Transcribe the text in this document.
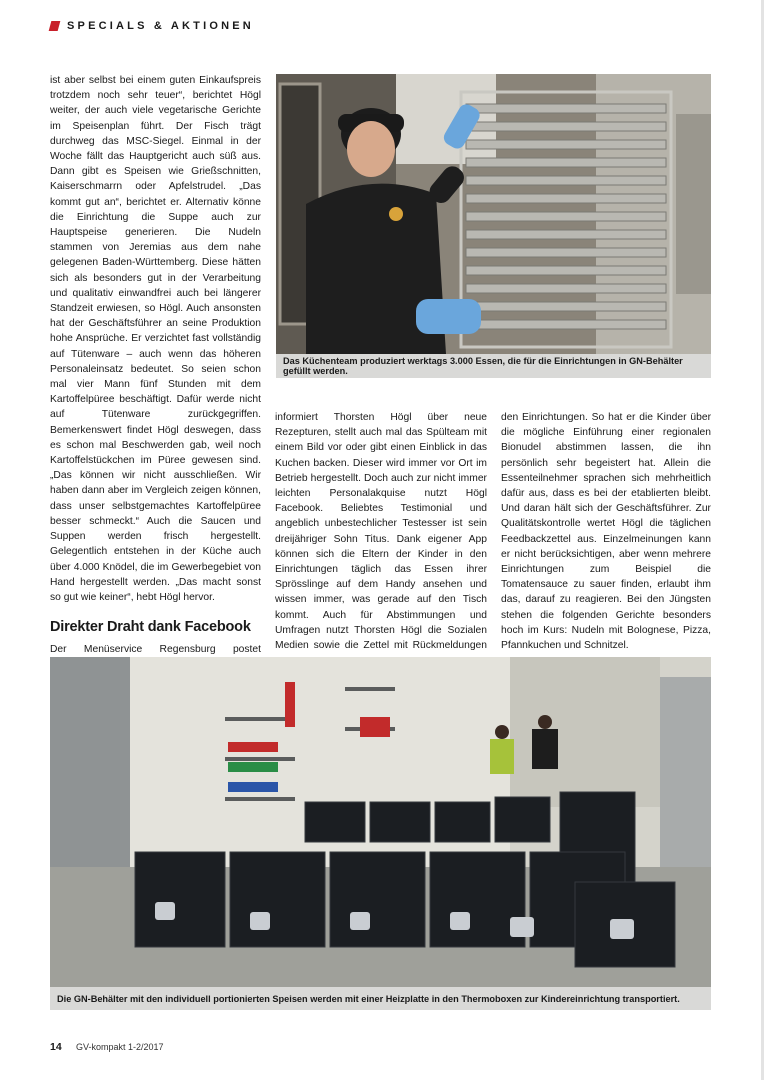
SPECIALS & AKTIONEN

ist aber selbst bei einem guten Einkaufspreis trotzdem noch sehr teuer“, berichtet Högl weiter, der auch viele vegetarische Gerichte im Speisenplan führt. Der Fisch trägt durchweg das MSC-Siegel. Einmal in der Woche fällt das Hauptgericht auch süß aus. Dann gibt es Speisen wie Grießschnitten, Kaiserschmarrn oder Apfelstrudel. „Das kommt gut an“, berichtet er. Alternativ könne die Einrichtung die Suppe auch zur Hauptspeise generieren. Die Nudeln stammen von Jeremias aus dem nahe gelegenen Baden-Württemberg. Diese hätten sich als besonders gut in der Verarbeitung und qualitativ einwandfrei auch bei längerer Standzeit erwiesen, so Högl. Auch ansonsten hat der Geschäftsführer an seine Produktion hohe Ansprüche. Er verzichtet fast vollständig auf Tütenware – auch wenn das höheren Personaleinsatz bedeutet. So seien schon mal vier Mann fünf Stunden mit dem Kartoffelpüree beschäftigt. Dafür werde nicht auf Tütenware zurückgegriffen. Bemerkenswert findet Högl deswegen, dass es schon mal Beschwerden gab, weil noch Kartoffelstückchen im Püree gewesen sind. „Das können wir nicht ausschließen. Wir haben dann aber im Vergleich zeigen können, dass unser selbstgemachtes Kartoffelpüree besser schmeckt.“ Auch die Saucen und Suppen werden frisch hergestellt. Gelegentlich entstehen in der Küche auch über 4.000 Knödel, die im Gewerbegebiet von Hand hergestellt werden. „Das macht sonst so gut wie keiner“, hebt Högl hervor.

Direkter Draht dank Facebook

Der Menüservice Regensburg postet

Das Küchenteam produziert werktags 3.000 Essen, die für die Einrichtungen in GN-Behälter gefüllt werden.

informiert Thorsten Högl über neue Rezepturen, stellt auch mal das Spülteam mit einem Bild vor oder gibt einen Einblick in das Kuchen backen. Dieser wird immer vor Ort im Betrieb hergestellt. Doch auch zur nicht immer leichten Personalakquise nutzt Högl Facebook. Beliebtes Testimonial und angeblich unbestechlicher Testesser ist sein dreijähriger Sohn Titus. Dank eigener App können sich die Eltern der Kinder in den Einrichtungen täglich das Essen ihrer Sprösslinge auf dem Handy ansehen und wissen immer, was gerade auf den Tisch kommt. Auch für Abstimmungen und Umfragen nutzt Thorsten Högl die Sozialen Medien sowie die Zettel mit Rückmeldungen

den Einrichtungen. So hat er die Kinder über die mögliche Einführung einer regionalen Bionudel abstimmen lassen, die ihn persönlich sehr begeistert hat. Allein die Essenteilnehmer sprachen sich mehrheitlich dafür aus, dass es bei der etablierten bleibt. Und daran hält sich der Geschäftsführer. Zur Qualitätskontrolle wertet Högl die täglichen Feedbackzettel aus. Einzelmeinungen kann er nicht berücksichtigen, aber wenn mehrere Einrichtungen zum Beispiel die Tomatensauce zu sauer finden, erlaubt ihm das, darauf zu reagieren. Bei den Jüngsten stehen die folgenden Gerichte besonders hoch im Kurs: Nudeln mit Bolognese, Pizza, Pfannkuchen und Schnitzel.

Die GN-Behälter mit den individuell portionierten Speisen werden mit einer Heizplatte in den Thermoboxen zur Kindereinrichtung transportiert.
14 GV-kompakt 1-2/2017
